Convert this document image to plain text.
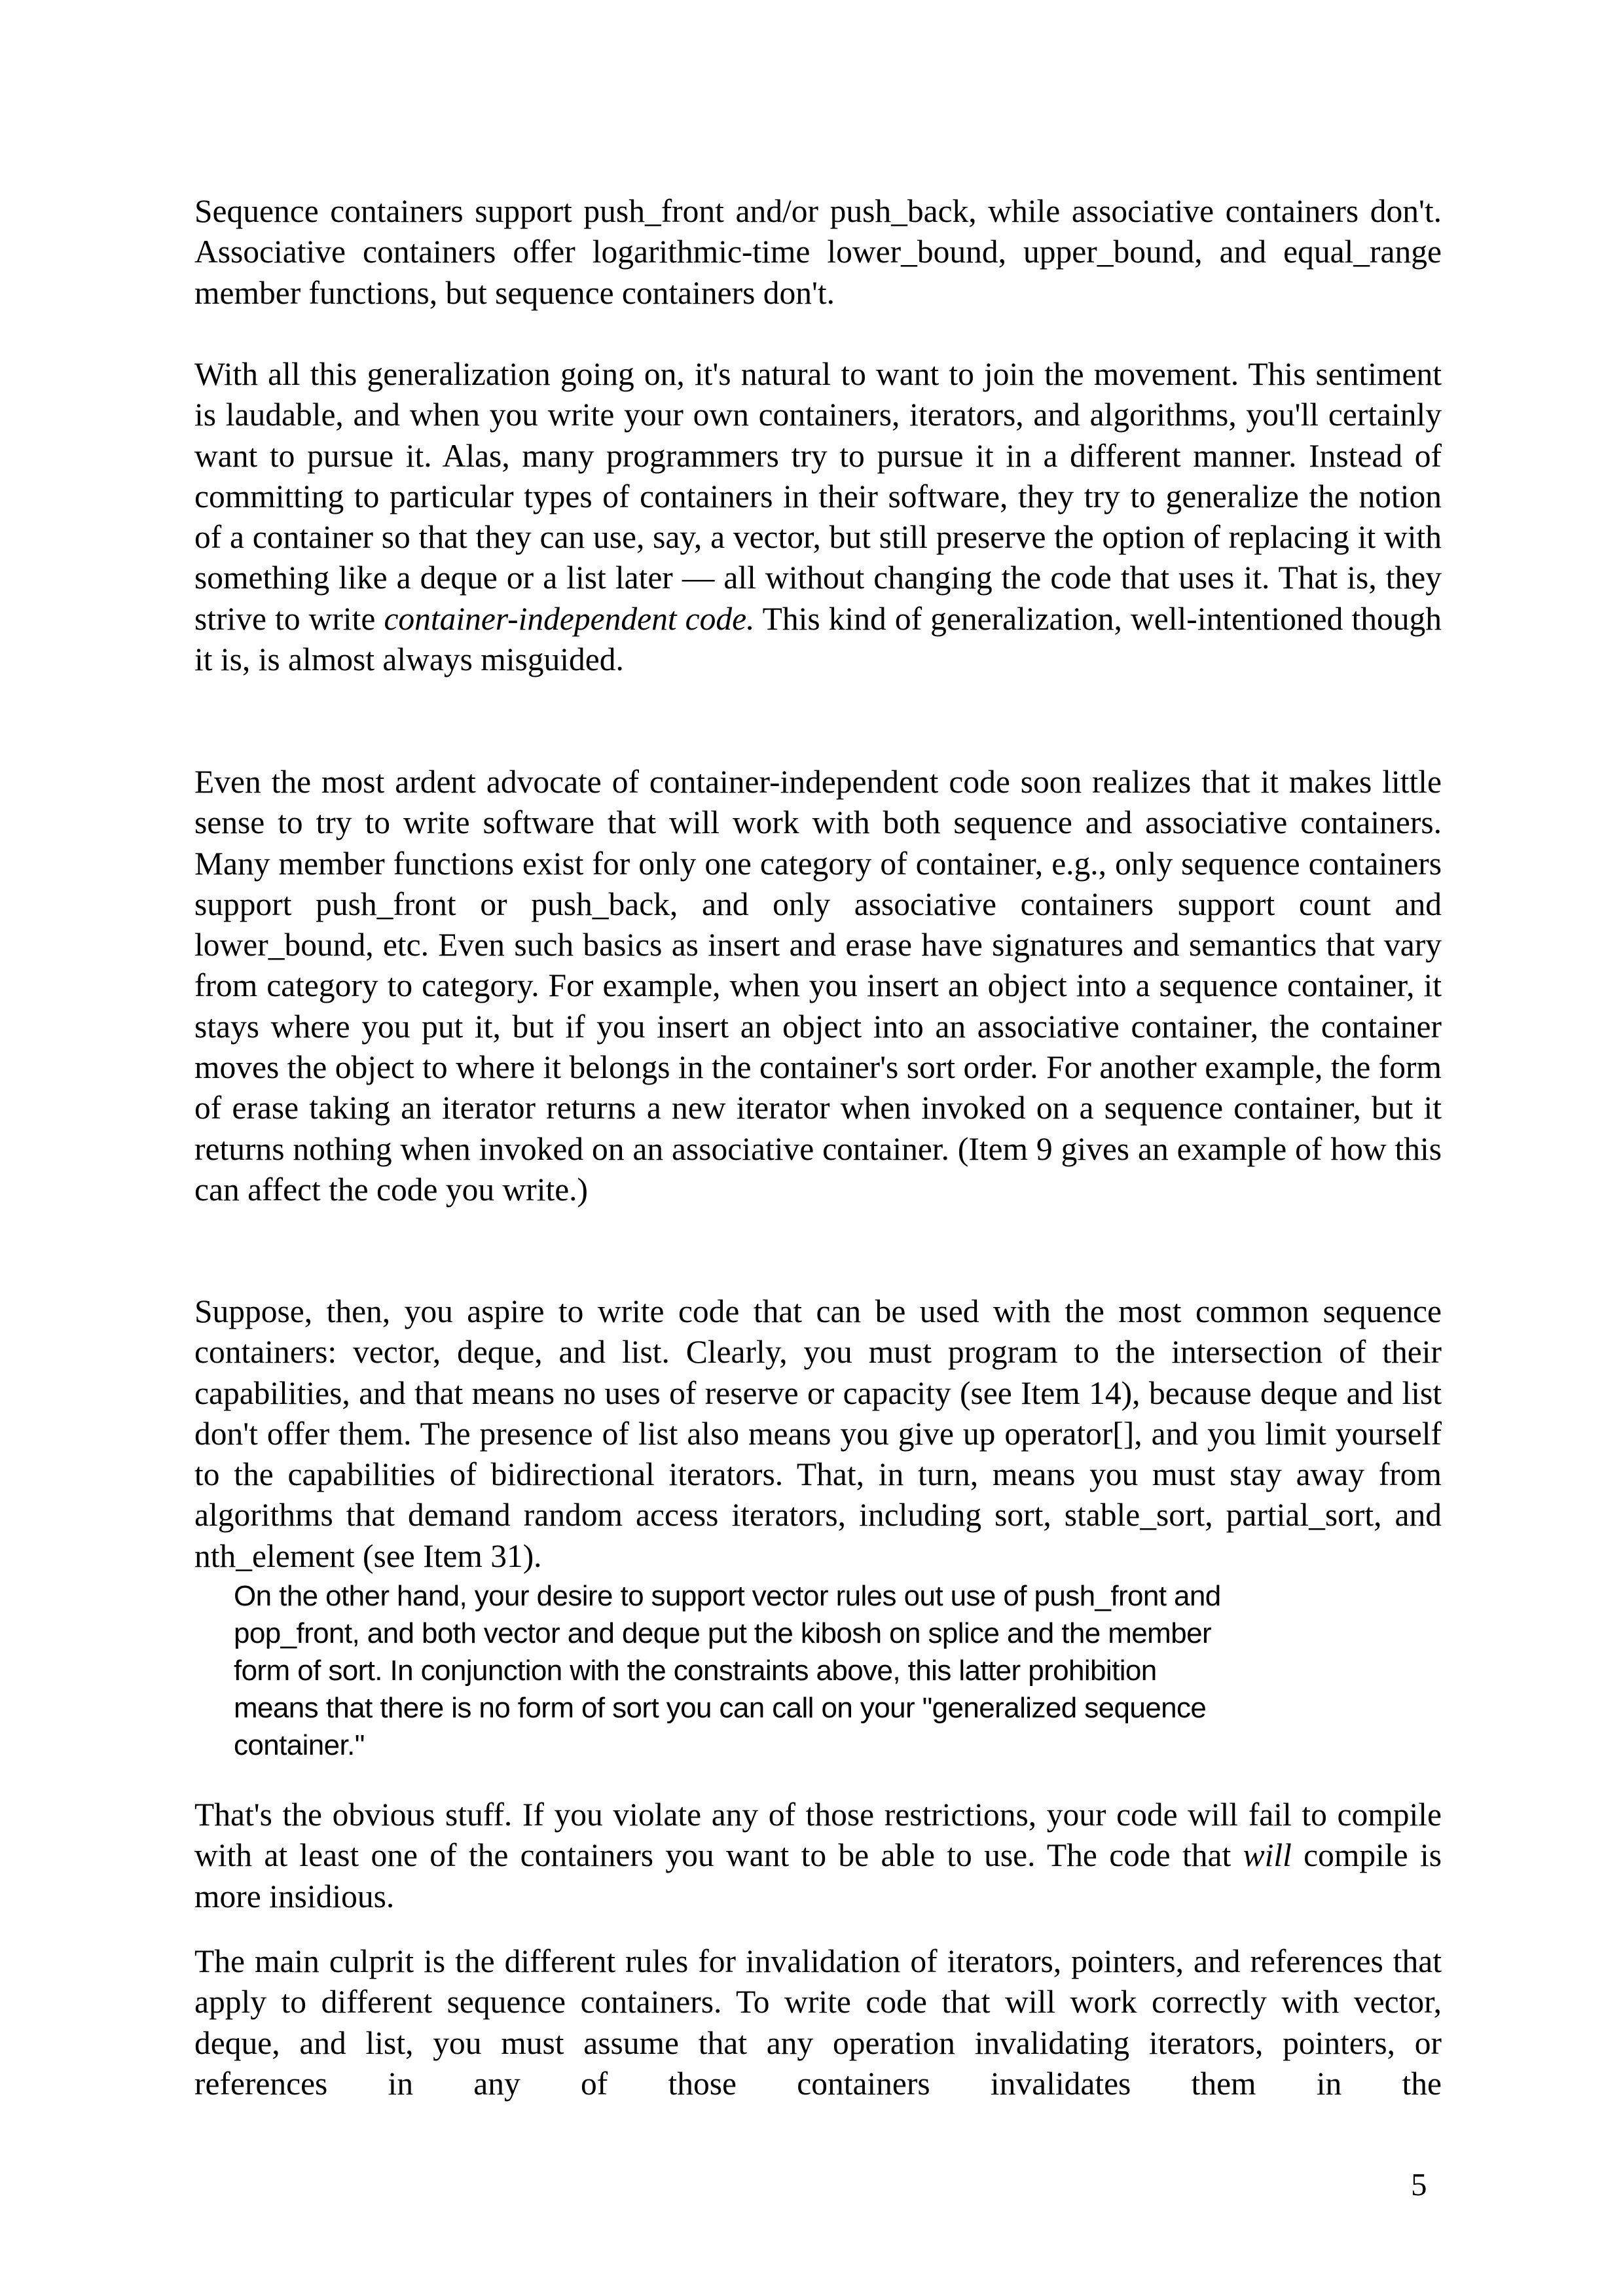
Sequence containers support push_front and/or push_back, while associative containers don't. Associative containers offer logarithmic-time lower_bound, upper_bound, and equal_range member functions, but sequence containers don't.

With all this generalization going on, it's natural to want to join the movement. This sentiment is laudable, and when you write your own containers, iterators, and algorithms, you'll certainly want to pursue it. Alas, many programmers try to pursue it in a different manner. Instead of committing to particular types of containers in their software, they try to generalize the notion of a container so that they can use, say, a vector, but still preserve the option of replacing it with something like a deque or a list later — all without changing the code that uses it. That is, they strive to write container-independent code. This kind of generalization, well-intentioned though it is, is almost always misguided.

Even the most ardent advocate of container-independent code soon realizes that it makes little sense to try to write software that will work with both sequence and associative containers. Many member functions exist for only one category of container, e.g., only sequence containers support push_front or push_back, and only associative containers support count and lower_bound, etc. Even such basics as insert and erase have signatures and semantics that vary from category to category. For example, when you insert an object into a sequence container, it stays where you put it, but if you insert an object into an associative container, the container moves the object to where it belongs in the container's sort order. For another example, the form of erase taking an iterator returns a new iterator when invoked on a sequence container, but it returns nothing when invoked on an associative container. (Item 9 gives an example of how this can affect the code you write.)

Suppose, then, you aspire to write code that can be used with the most common sequence containers: vector, deque, and list. Clearly, you must program to the intersection of their capabilities, and that means no uses of reserve or capacity (see Item 14), because deque and list don't offer them. The presence of list also means you give up operator[], and you limit yourself to the capabilities of bidirectional iterators. That, in turn, means you must stay away from algorithms that demand random access iterators, including sort, stable_sort, partial_sort, and nth_element (see Item 31).

On the other hand, your desire to support vector rules out use of push_front and
pop_front, and both vector and deque put the kibosh on splice and the member
form of sort. In conjunction with the constraints above, this latter prohibition
means that there is no form of sort you can call on your "generalized sequence
container."

That's the obvious stuff. If you violate any of those restrictions, your code will fail to compile with at least one of the containers you want to be able to use. The code that will compile is more insidious.

The main culprit is the different rules for invalidation of iterators, pointers, and references that apply to different sequence containers. To write code that will work correctly with vector, deque, and list, you must assume that any operation invalidating iterators, pointers, or references in any of those containers invalidates them in the

5
